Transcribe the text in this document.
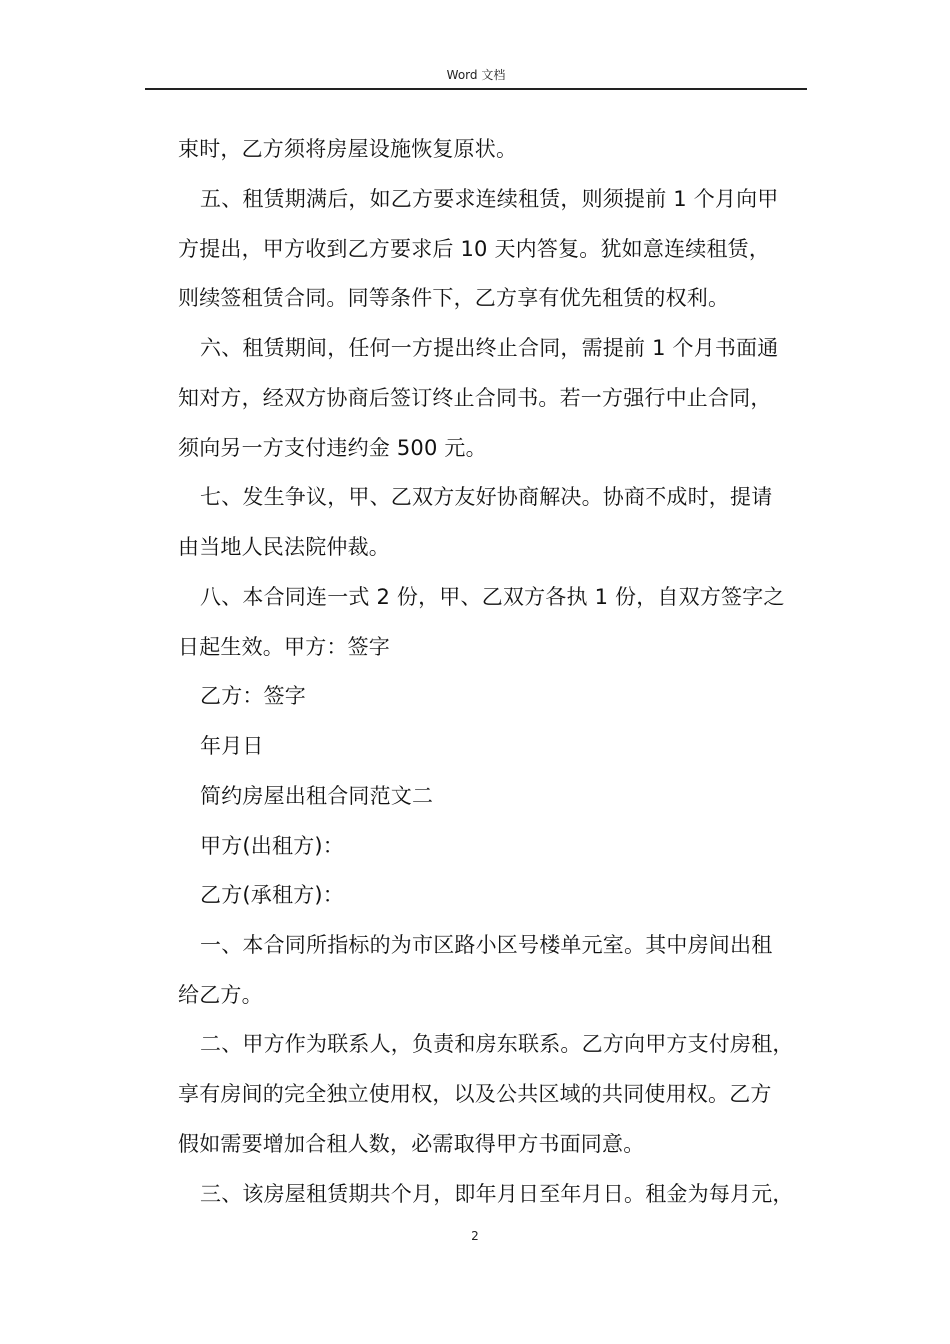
Word 文档
束时，乙方须将房屋设施恢复原状。
五、租赁期满后，如乙方要求连续租赁，则须提前 1 个月向甲
方提出，甲方收到乙方要求后 10 天内答复。犹如意连续租赁，
则续签租赁合同。同等条件下，乙方享有优先租赁的权利。
六、租赁期间，任何一方提出终止合同，需提前 1 个月书面通
知对方，经双方协商后签订终止合同书。若一方强行中止合同，
须向另一方支付违约金 500 元。
七、发生争议，甲、乙双方友好协商解决。协商不成时，提请
由当地人民法院仲裁。
八、本合同连一式 2 份，甲、乙双方各执 1 份，自双方签字之
日起生效。甲方：签字
乙方：签字
年月日
简约房屋出租合同范文二
甲方(出租方)：
乙方(承租方)：
一、本合同所指标的为市区路小区号楼单元室。其中房间出租
给乙方。
二、甲方作为联系人，负责和房东联系。乙方向甲方支付房租，
享有房间的完全独立使用权，以及公共区域的共同使用权。乙方
假如需要增加合租人数，必需取得甲方书面同意。
三、该房屋租赁期共个月，即年月日至年月日。租金为每月元，
2
